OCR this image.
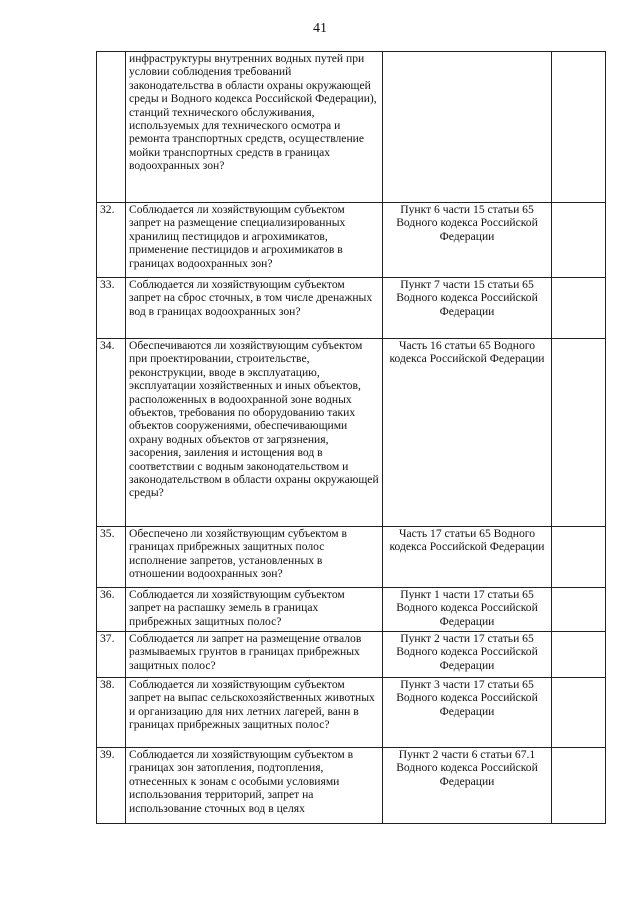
41
	инфраструктуры внутренних водных путей при условии соблюдения требований законодательства в области охраны окружающей среды и Водного кодекса Российской Федерации), станций технического обслуживания, используемых для технического осмотра и ремонта транспортных средств, осуществление мойки транспортных средств в границах водоохранных зон?		
32.	Соблюдается ли хозяйствующим субъектом запрет на размещение специализированных хранилищ пестицидов и агрохимикатов, применение пестицидов и агрохимикатов в границах водоохранных зон?	Пункт 6 части 15 статьи 65 Водного кодекса Российской Федерации	
33.	Соблюдается ли хозяйствующим субъектом запрет на сброс сточных, в том числе дренажных вод в границах водоохранных зон?	Пункт 7 части 15 статьи 65 Водного кодекса Российской Федерации	
34.	Обеспечиваются ли хозяйствующим субъектом при проектировании, строительстве, реконструкции, вводе в эксплуатацию, эксплуатации хозяйственных и иных объектов, расположенных в водоохранной зоне водных объектов, требования по оборудованию таких объектов сооружениями, обеспечивающими охрану водных объектов от загрязнения, засорения, заиления и истощения вод в соответствии с водным законодательством и законодательством в области охраны окружающей среды?	Часть 16 статьи 65 Водного кодекса Российской Федерации	
35.	Обеспечено ли хозяйствующим субъектом в границах прибрежных защитных полос исполнение запретов, установленных в отношении водоохранных зон?	Часть 17 статьи 65 Водного кодекса Российской Федерации	
36.	Соблюдается ли хозяйствующим субъектом запрет на распашку земель в границах прибрежных защитных полос?	Пункт 1 части 17 статьи 65 Водного кодекса Российской Федерации	
37.	Соблюдается ли запрет на размещение отвалов размываемых грунтов в границах прибрежных защитных полос?	Пункт 2 части 17 статьи 65 Водного кодекса Российской Федерации	
38.	Соблюдается ли хозяйствующим субъектом запрет на выпас сельскохозяйственных животных и организацию для них летних лагерей, ванн в границах прибрежных защитных полос?	Пункт 3 части 17 статьи 65 Водного кодекса Российской Федерации	
39.	Соблюдается ли хозяйствующим субъектом в границах зон затопления, подтопления, отнесенных к зонам с особыми условиями использования территорий, запрет на использование сточных вод в целях	Пункт 2 части 6 статьи 67.1 Водного кодекса Российской Федерации	
